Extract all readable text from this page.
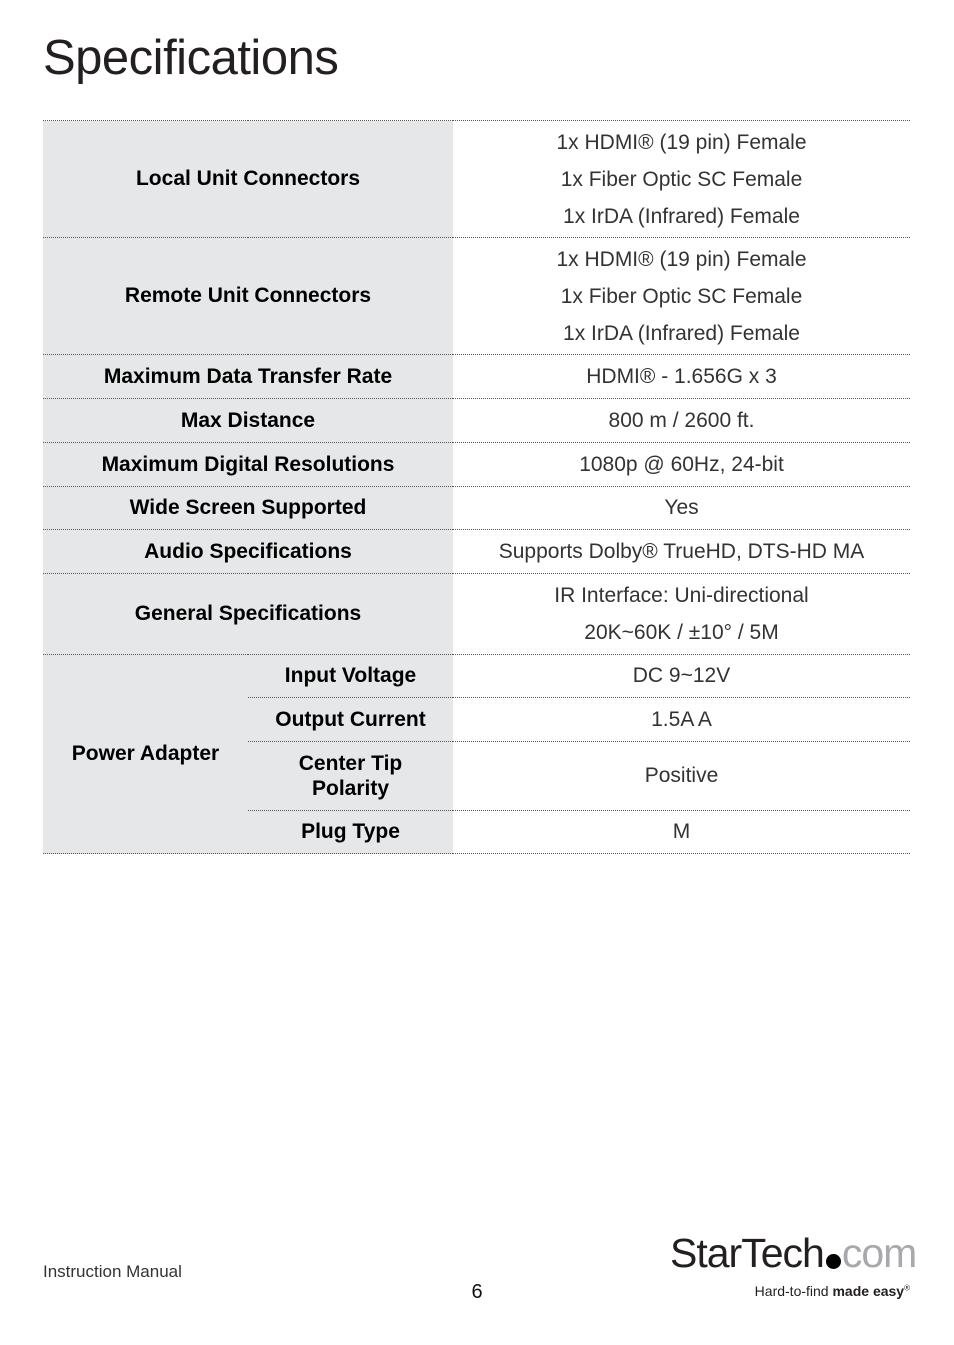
Specifications
Local Unit Connectors		1x HDMI® (19 pin) Female
1x Fiber Optic SC Female
1x IrDA (Infrared) Female

Remote Unit Connectors		1x HDMI® (19 pin) Female
1x Fiber Optic SC Female
1x IrDA (Infrared) Female

Maximum Data Transfer Rate		HDMI® - 1.656G x 3
Max Distance		800 m / 2600 ft.
Maximum Digital Resolutions		1080p @ 60Hz, 24-bit
Wide Screen Supported		Yes
Audio Specifications		Supports Dolby® TrueHD, DTS-HD MA
General Specifications		IR Interface: Uni-directional
20K~60K / ±10° / 5M

Power Adapter	Input Voltage	DC 9~12V
	Output Current	1.5A A

	Center Tip
Polarity	Positive
	Plug Type	M
Instruction Manual
6
StarTech com
Hard-to-find made easy®
